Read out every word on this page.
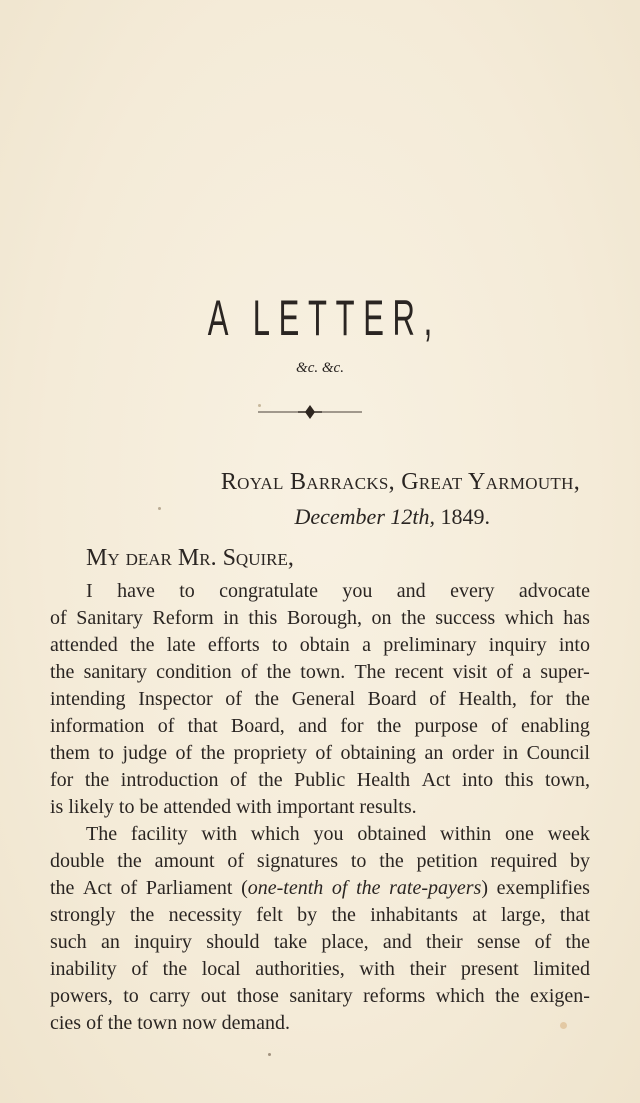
A LETTER,
&c. &c.
Royal Barracks, Great Yarmouth,
December 12th, 1849.
My dear Mr. Squire,
I have to congratulate you and every advocate
of Sanitary Reform in this Borough, on the success which has
attended the late efforts to obtain a preliminary inquiry into
the sanitary condition of the town. The recent visit of a super-
intending Inspector of the General Board of Health, for the
information of that Board, and for the purpose of enabling
them to judge of the propriety of obtaining an order in Council
for the introduction of the Public Health Act into this town,
is likely to be attended with important results.
The facility with which you obtained within one week
double the amount of signatures to the petition required by
the Act of Parliament (one-tenth of the rate-payers) exemplifies
strongly the necessity felt by the inhabitants at large, that
such an inquiry should take place, and their sense of the
inability of the local authorities, with their present limited
powers, to carry out those sanitary reforms which the exigen-
cies of the town now demand.
